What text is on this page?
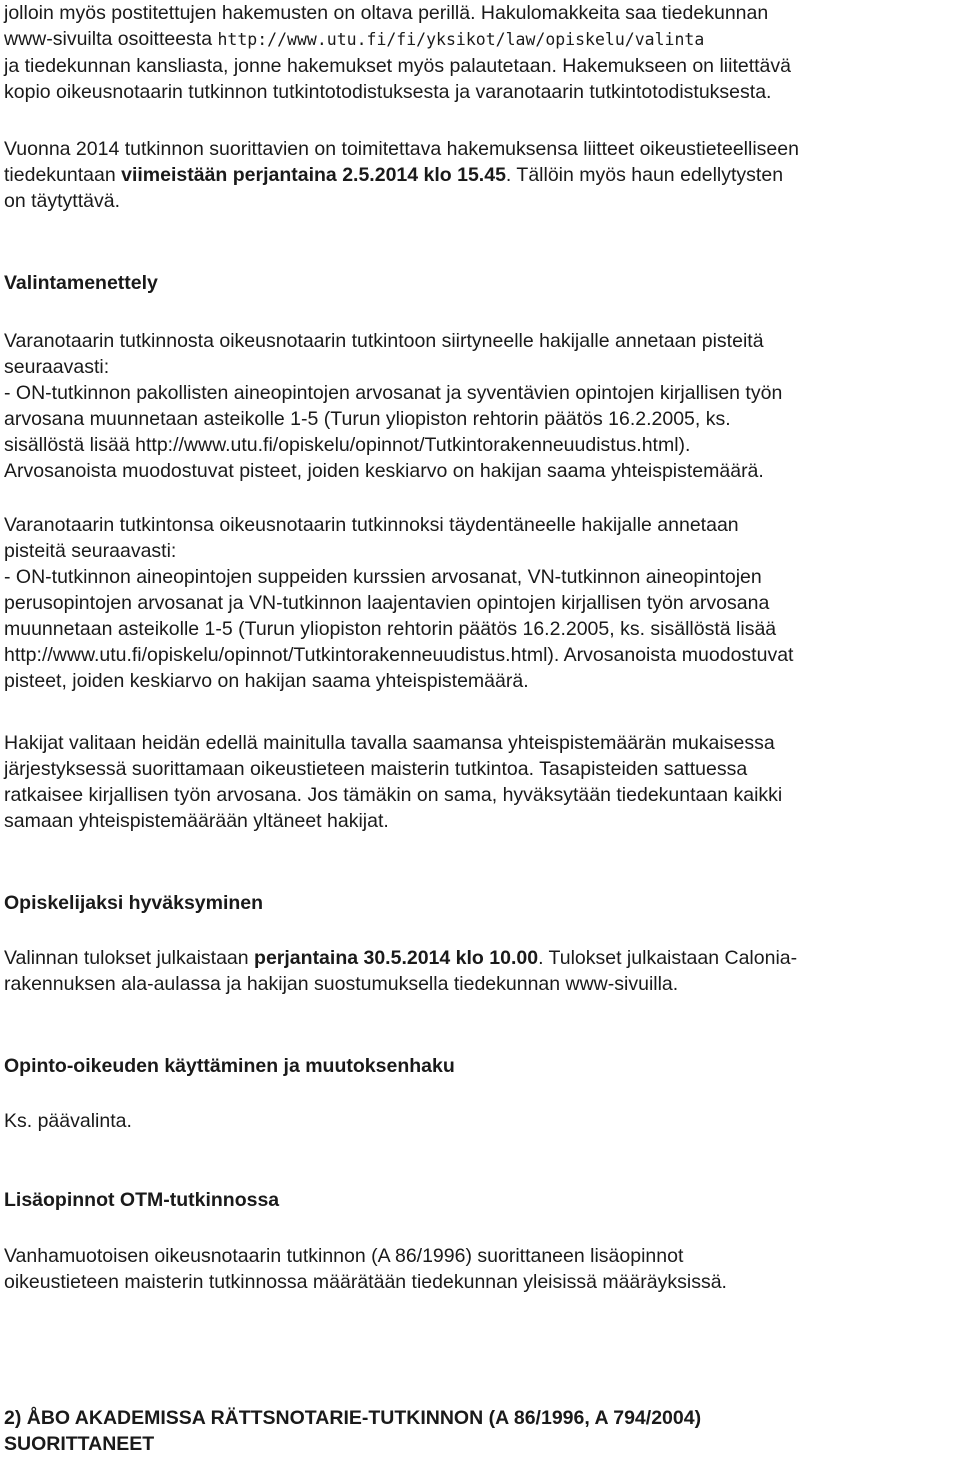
jolloin myös postitettujen hakemusten on oltava perillä. Hakulomakkeita saa tiedekunnan
www-sivuilta osoitteesta http://www.utu.fi/fi/yksikot/law/opiskelu/valinta
ja tiedekunnan kansliasta, jonne hakemukset myös palautetaan. Hakemukseen on liitettävä
kopio oikeusnotaarin tutkinnon tutkintotodistuksesta ja varanotaarin tutkintotodistuksesta.
Vuonna 2014 tutkinnon suorittavien on toimitettava hakemuksensa liitteet oikeustieteelliseen
tiedekuntaan viimeistään perjantaina 2.5.2014 klo 15.45. Tällöin myös haun edellytysten
on täytyttävä.
Valintamenettely
Varanotaarin tutkinnosta oikeusnotaarin tutkintoon siirtyneelle hakijalle annetaan pisteitä
seuraavasti:
- ON-tutkinnon pakollisten aineopintojen arvosanat ja syventävien opintojen kirjallisen työn
arvosana muunnetaan asteikolle 1-5 (Turun yliopiston rehtorin päätös 16.2.2005, ks.
sisällöstä lisää http://www.utu.fi/opiskelu/opinnot/Tutkintorakenneuudistus.html).
Arvosanoista muodostuvat pisteet, joiden keskiarvo on hakijan saama yhteispistemäärä.
Varanotaarin tutkintonsa oikeusnotaarin tutkinnoksi täydentäneelle hakijalle annetaan
pisteitä seuraavasti:
- ON-tutkinnon aineopintojen suppeiden kurssien arvosanat, VN-tutkinnon aineopintojen
perusopintojen arvosanat ja VN-tutkinnon laajentavien opintojen kirjallisen työn arvosana
muunnetaan asteikolle 1-5 (Turun yliopiston rehtorin päätös 16.2.2005, ks. sisällöstä lisää
http://www.utu.fi/opiskelu/opinnot/Tutkintorakenneuudistus.html). Arvosanoista muodostuvat
pisteet, joiden keskiarvo on hakijan saama yhteispistemäärä.
Hakijat valitaan heidän edellä mainitulla tavalla saamansa yhteispistemäärän mukaisessa
järjestyksessä suorittamaan oikeustieteen maisterin tutkintoa. Tasapisteiden sattuessa
ratkaisee kirjallisen työn arvosana. Jos tämäkin on sama, hyväksytään tiedekuntaan kaikki
samaan yhteispistemäärään yltäneet hakijat.
Opiskelijaksi hyväksyminen
Valinnan tulokset julkaistaan perjantaina 30.5.2014 klo 10.00. Tulokset julkaistaan Calonia-
rakennuksen ala-aulassa ja hakijan suostumuksella tiedekunnan www-sivuilla.
Opinto-oikeuden käyttäminen ja muutoksenhaku
Ks. päävalinta.
Lisäopinnot OTM-tutkinnossa
Vanhamuotoisen oikeusnotaarin tutkinnon (A 86/1996) suorittaneen lisäopinnot
oikeustieteen maisterin tutkinnossa määrätään tiedekunnan yleisissä määräyksissä.
2) ÅBO AKADEMISSA RÄTTSNOTARIE-TUTKINNON (A 86/1996, A 794/2004)
SUORITTANEET
